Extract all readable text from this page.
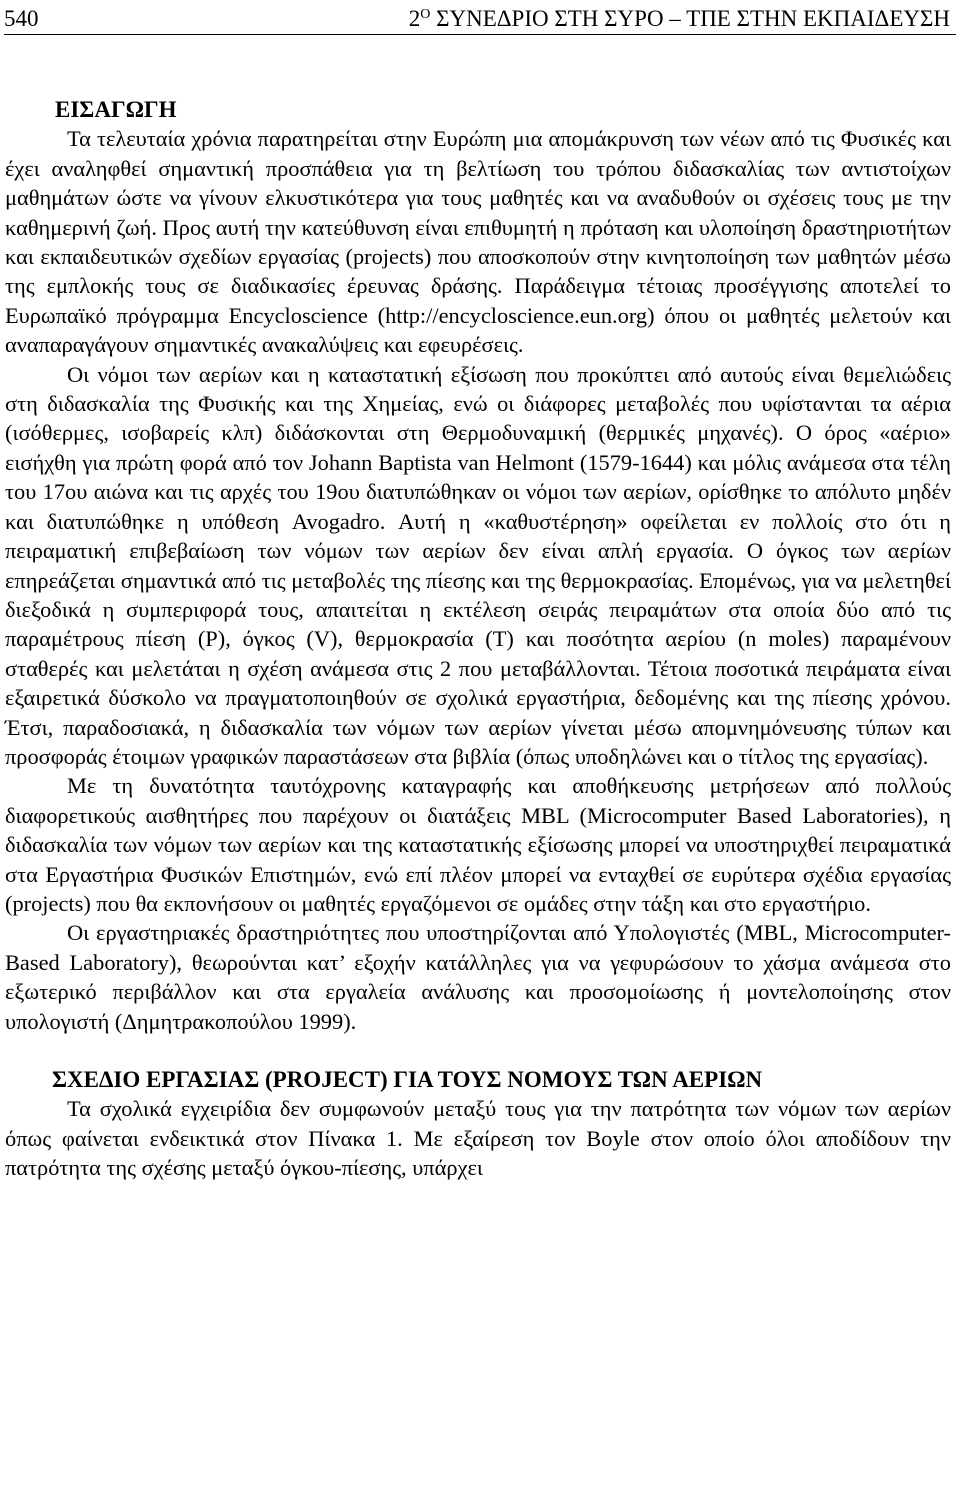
540	$2^O$ ΣΥΝΕΔΡΙΟ ΣΤΗ ΣΥΡΟ – ΤΠΕ ΣΤΗΝ ΕΚΠΑΙΔΕΥΣΗ
ΕΙΣΑΓΩΓΗ

Τα τελευταία χρόνια παρατηρείται στην Ευρώπη μια απομάκρυνση των νέων από τις Φυσικές και έχει αναληφθεί σημαντική προσπάθεια για τη βελτίωση του τρόπου διδασκαλίας των αντιστοίχων μαθημάτων ώστε να γίνουν ελκυστικότερα για τους μαθητές και να αναδυθούν οι σχέσεις τους με την καθημερινή ζωή. Προς αυτή την κατεύθυνση είναι επιθυμητή η πρόταση και υλοποίηση δραστηριοτήτων και εκπαιδευτικών σχεδίων εργασίας (projects) που αποσκοπούν στην κινητοποίηση των μαθητών μέσω της εμπλοκής τους σε διαδικασίες έρευνας δράσης. Παράδειγμα τέτοιας προσέγγισης αποτελεί το Ευρωπαϊκό πρόγραμμα Encycloscience (http://encycloscience.eun.org) όπου οι μαθητές μελετούν και αναπαραγάγουν σημαντικές ανακαλύψεις και εφευρέσεις.

Οι νόμοι των αερίων και η καταστατική εξίσωση που προκύπτει από αυτούς είναι θεμελιώδεις στη διδασκαλία της Φυσικής και της Χημείας, ενώ οι διάφορες μεταβολές που υφίστανται τα αέρια (ισόθερμες, ισοβαρείς κλπ) διδάσκονται στη Θερμοδυναμική (θερμικές μηχανές). Ο όρος «αέριο» εισήχθη για πρώτη φορά από τον Johann Baptista van Helmont (1579-1644) και μόλις ανάμεσα στα τέλη του 17ου αιώνα και τις αρχές του 19ου διατυπώθηκαν οι νόμοι των αερίων, ορίσθηκε το απόλυτο μηδέν και διατυπώθηκε η υπόθεση Avogadro. Αυτή η «καθυστέρηση» οφείλεται εν πολλοίς στο ότι η πειραματική επιβεβαίωση των νόμων των αερίων δεν είναι απλή εργασία. Ο όγκος των αερίων επηρεάζεται σημαντικά από τις μεταβολές της πίεσης και της θερμοκρασίας. Επομένως, για να μελετηθεί διεξοδικά η συμπεριφορά τους, απαιτείται η εκτέλεση σειράς πειραμάτων στα οποία δύο από τις παραμέτρους πίεση (P), όγκος (V), θερμοκρασία (T) και ποσότητα αερίου (n moles) παραμένουν σταθερές και μελετάται η σχέση ανάμεσα στις 2 που μεταβάλλονται. Τέτοια ποσοτικά πειράματα είναι εξαιρετικά δύσκολο να πραγματοποιηθούν σε σχολικά εργαστήρια, δεδομένης και της πίεσης χρόνου. Έτσι, παραδοσιακά, η διδασκαλία των νόμων των αερίων γίνεται μέσω απομνημόνευσης τύπων και προσφοράς έτοιμων γραφικών παραστάσεων στα βιβλία (όπως υποδηλώνει και ο τίτλος της εργασίας).

Με τη δυνατότητα ταυτόχρονης καταγραφής και αποθήκευσης μετρήσεων από πολλούς διαφορετικούς αισθητήρες που παρέχουν οι διατάξεις MBL (Microcomputer Based Laboratories), η διδασκαλία των νόμων των αερίων και της καταστατικής εξίσωσης μπορεί να υποστηριχθεί πειραματικά στα Εργαστήρια Φυσικών Επιστημών, ενώ επί πλέον μπορεί να ενταχθεί σε ευρύτερα σχέδια εργασίας (projects) που θα εκπονήσουν οι μαθητές εργαζόμενοι σε ομάδες στην τάξη και στο εργαστήριο.

Οι εργαστηριακές δραστηριότητες που υποστηρίζονται από Υπολογιστές (MBL, Microcomputer-Based Laboratory), θεωρούνται κατ’ εξοχήν κατάλληλες για να γεφυρώσουν το χάσμα ανάμεσα στο εξωτερικό περιβάλλον και στα εργαλεία ανάλυσης και προσομοίωσης ή μοντελοποίησης στον υπολογιστή (Δημητρακοπούλου 1999).

ΣΧΕΔΙΟ ΕΡΓΑΣΙΑΣ (PROJECT) ΓΙΑ ΤΟΥΣ ΝΟΜΟΥΣ ΤΩΝ ΑΕΡΙΩΝ

Τα σχολικά εγχειρίδια δεν συμφωνούν μεταξύ τους για την πατρότητα των νόμων των αερίων όπως φαίνεται ενδεικτικά στον Πίνακα 1. Με εξαίρεση τον Boyle στον οποίο όλοι αποδίδουν την πατρότητα της σχέσης μεταξύ όγκου-πίεσης, υπάρχει
